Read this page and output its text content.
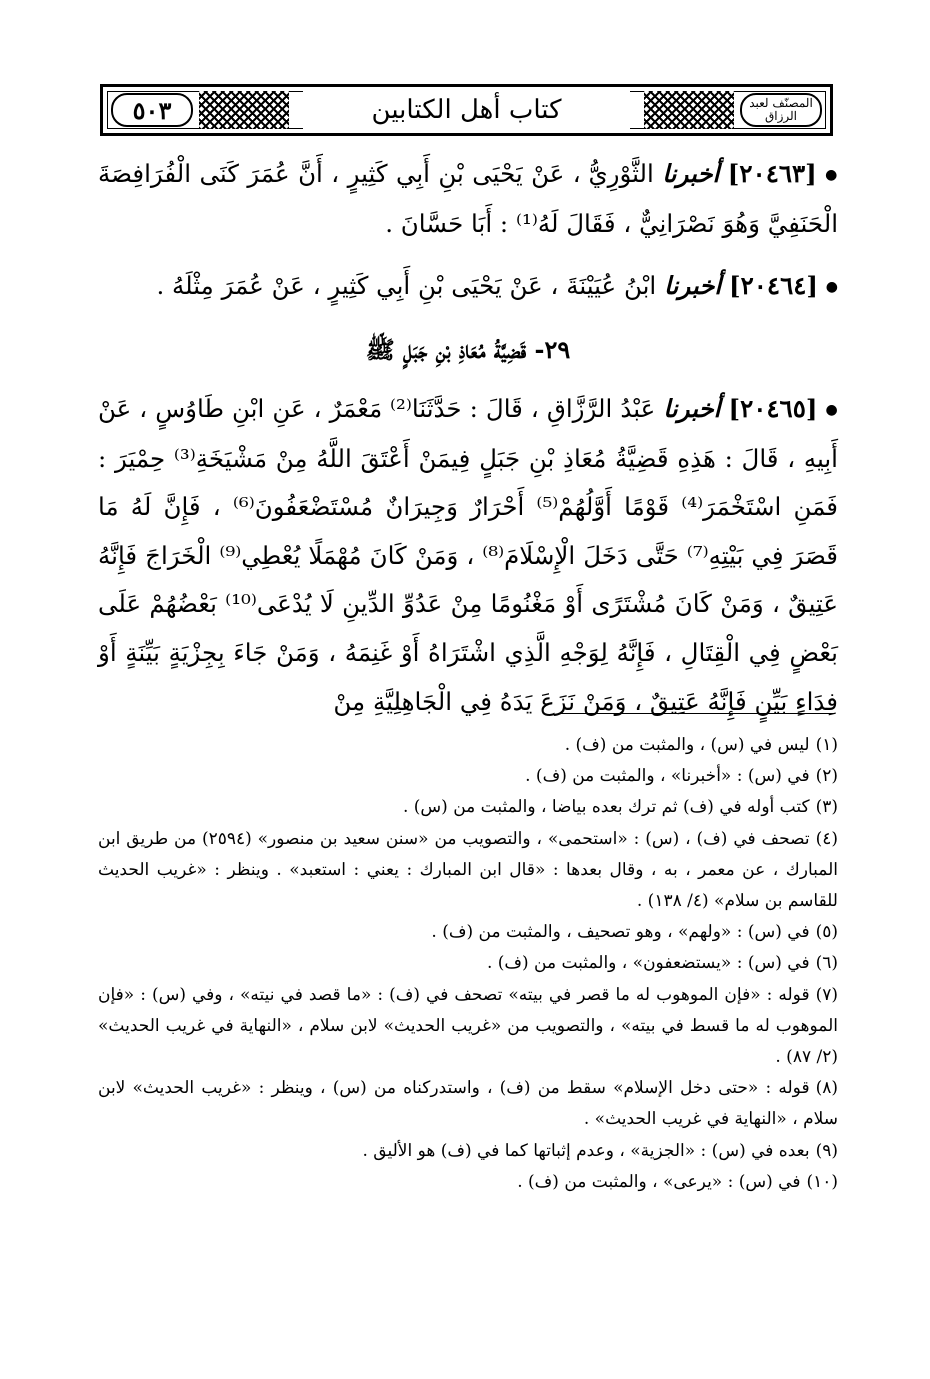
٥٠٣	كتاب أهل الكتابين	المصنّف لعبد الرزاق

● [٢٠٤٦٣] أخبرنا الثَّوْرِيُّ ، عَنْ يَحْيَى بْنِ أَبِي كَثِيرٍ ، أَنَّ عُمَرَ كَنَى الْفُرَافِصَةَ الْحَنَفِيَّ وَهُوَ نَصْرَانِيٌّ ، فَقَالَ لَهُ⁽¹⁾ : أَبَا حَسَّانَ .

● [٢٠٤٦٤] أخبرنا ابْنُ عُيَيْنَةَ ، عَنْ يَحْيَى بْنِ أَبِي كَثِيرٍ ، عَنْ عُمَرَ مِثْلَهُ .

٢٩- قَضِيَّةُ مُعَاذِ بْنِ جَبَلٍ ﷺ

● [٢٠٤٦٥] أخبرنا عَبْدُ الرَّزَّاقِ ، قَالَ : حَدَّثَنَا⁽²⁾ مَعْمَرٌ ، عَنِ ابْنِ طَاوُسٍ ، عَنْ أَبِيهِ ، قَالَ : هَذِهِ قَضِيَّةُ مُعَاذِ بْنِ جَبَلٍ فِيمَنْ أَعْتَقَ اللَّهُ مِنْ مَشْيَخَةِ⁽³⁾ حِمْيَرَ : فَمَنِ اسْتَخْمَرَ⁽⁴⁾ قَوْمًا أَوَّلُهُمْ⁽⁵⁾ أَحْرَارٌ وَجِيرَانٌ مُسْتَضْعَفُونَ⁽⁶⁾ ، فَإِنَّ لَهُ مَا قَصَرَ فِي بَيْتِهِ⁽⁷⁾ حَتَّى دَخَلَ الْإِسْلَامَ⁽⁸⁾ ، وَمَنْ كَانَ مُهْمَلًا يُعْطِي⁽⁹⁾ الْخَرَاجَ فَإِنَّهُ عَتِيقٌ ، وَمَنْ كَانَ مُشْتَرًى أَوْ مَغْنُومًا مِنْ عَدُوِّ الدِّينِ لَا يُدْعَى⁽¹⁰⁾ بَعْضُهُمْ عَلَى بَعْضٍ فِي الْقِتَالِ ، فَإِنَّهُ لِوَجْهِ الَّذِي اشْتَرَاهُ أَوْ غَنِمَهُ ، وَمَنْ جَاءَ بِجِزْيَةٍ بَيِّنَةٍ أَوْ فِدَاءٍ بَيِّنٍ فَإِنَّهُ عَتِيقٌ ، وَمَنْ نَزَعَ يَدَهُ فِي الْجَاهِلِيَّةِ مِنْ

(١)ليس في (س) ، والمثبت من (ف) .

(٢)في (س) : «أخبرنا» ، والمثبت من (ف) .

(٣)كتب أوله في (ف) ثم ترك بعده بياضا ، والمثبت من (س) .

(٤)تصحف في (ف) ، (س) : «استحمى» ، والتصويب من «سنن سعيد بن منصور» (٢٥٩٤) من طريق ابن المبارك ، عن معمر ، به ، وقال بعدها : «قال ابن المبارك : يعني : استعبد» . وينظر : «غريب الحديث للقاسم بن سلام» (٤/ ١٣٨) .

(٥)في (س) : «ولهم» ، وهو تصحيف ، والمثبت من (ف) .

(٦)في (س) : «يستضعفون» ، والمثبت من (ف) .

(٧)قوله : «فإن الموهوب له ما قصر في بيته» تصحف في (ف) : «ما قصد في نيته» ، وفي (س) : «فإن الموهوب له ما قسط في بيته» ، والتصويب من «غريب الحديث» لابن سلام ، «النهاية في غريب الحديث» (٢/ ٨٧) .

(٨)قوله : «حتى دخل الإسلام» سقط من (ف) ، واستدركناه من (س) ، وينظر : «غريب الحديث» لابن سلام ، «النهاية في غريب الحديث» .

(٩)بعده في (س) : «الجزية» ، وعدم إثباتها كما في (ف) هو الأليق .

(١٠)في (س) : «يرعى» ، والمثبت من (ف) .
